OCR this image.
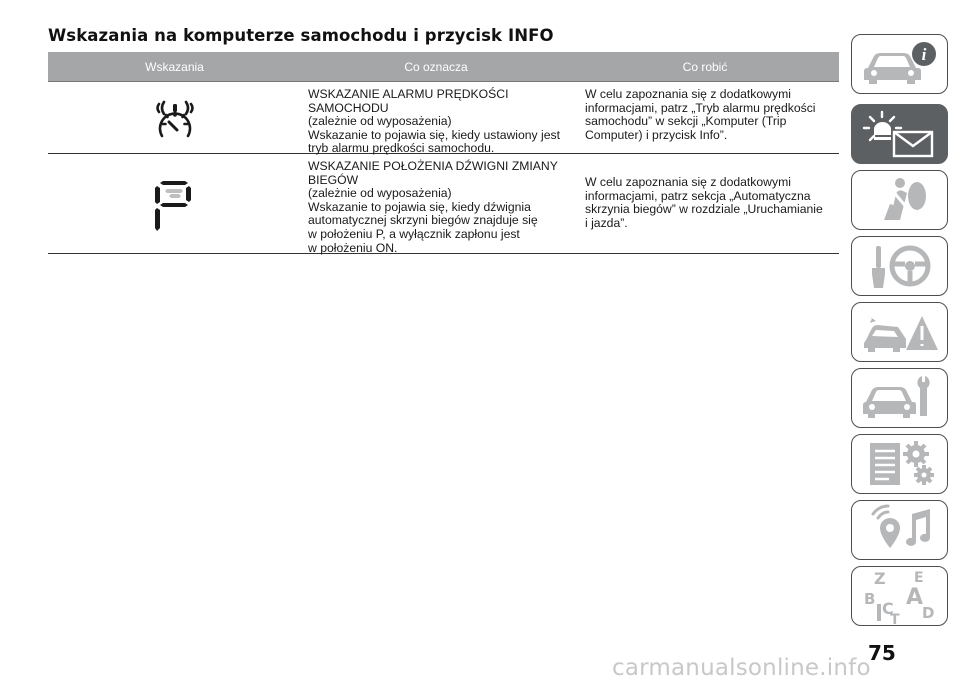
Wskazania na komputerze samochodu i przycisk INFO
Wskazania	Co oznacza	Co robić
WSKAZANIE ALARMU PRĘDKOŚCI
SAMOCHODU
(zależnie od wyposażenia)
Wskazanie to pojawia się, kiedy ustawiony jest
tryb alarmu prędkości samochodu.
W celu zapoznania się z dodatkowymi
informacjami, patrz „Tryb alarmu prędkości
samochodu” w sekcji „Komputer (Trip
Computer) i przycisk Info”.
WSKAZANIE POŁOŻENIA DŹWIGNI ZMIANY
BIEGÓW
(zależnie od wyposażenia)
Wskazanie to pojawia się, kiedy dźwignia
automatycznej skrzyni biegów znajduje się
w położeniu P, a wyłącznik zapłonu jest
w położeniu ON.
W celu zapoznania się z dodatkowymi
informacjami, patrz sekcja „Automatyczna
skrzynia biegów” w rozdziale „Uruchamianie
i jazda”.
i
Z E
A
B C
T D
75
carmanualsonline.info
